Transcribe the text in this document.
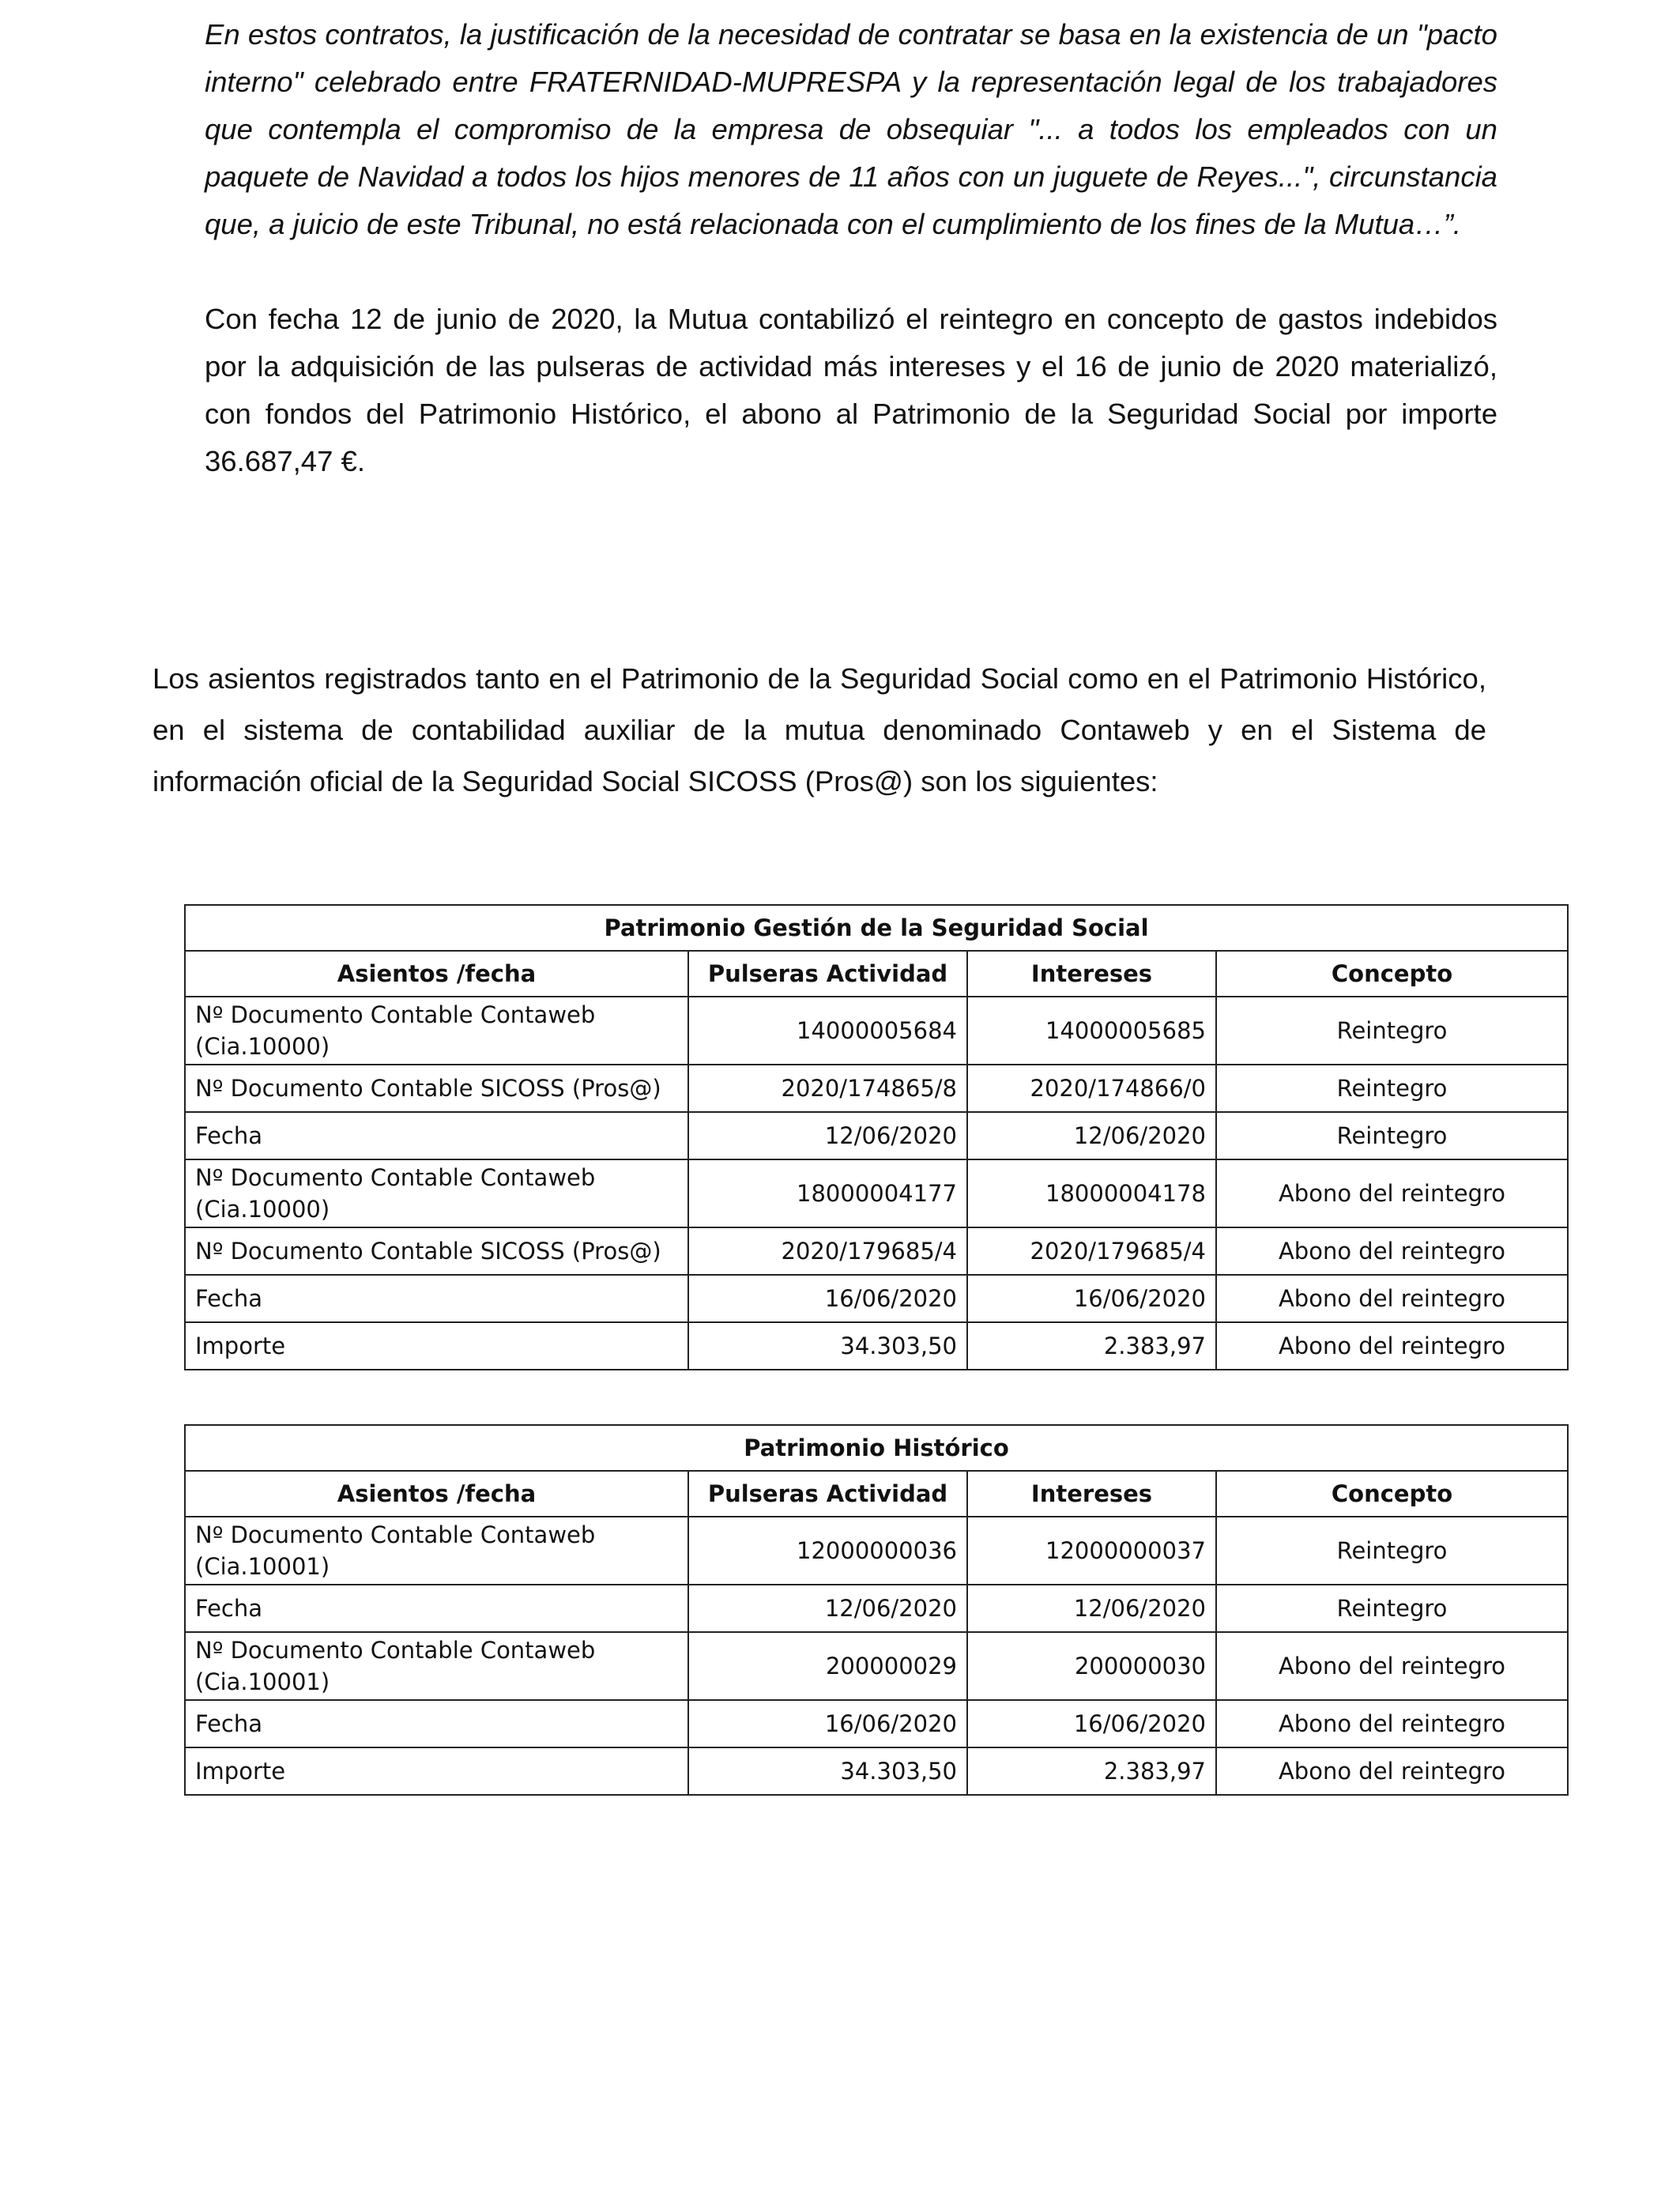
En estos contratos, la justificación de la necesidad de contratar se basa en la existencia de un "pacto interno" celebrado entre FRATERNIDAD-MUPRESPA y la representación legal de los trabajadores que contempla el compromiso de la empresa de obsequiar "... a todos los empleados con un paquete de Navidad a todos los hijos menores de 11 años con un juguete de Reyes...", circunstancia que, a juicio de este Tribunal, no está relacionada con el cumplimiento de los fines de la Mutua…”.

Con fecha 12 de junio de 2020, la Mutua contabilizó el reintegro en concepto de gastos indebidos por la adquisición de las pulseras de actividad más intereses y el 16 de junio de 2020 materializó, con fondos del Patrimonio Histórico, el abono al Patrimonio de la Seguridad Social por importe 36.687,47 €.

Los asientos registrados tanto en el Patrimonio de la Seguridad Social como en el Patrimonio Histórico, en el sistema de contabilidad auxiliar de la mutua denominado Contaweb y en el Sistema de información oficial de la Seguridad Social SICOSS (Pros@) son los siguientes:

Patrimonio Gestión de la Seguridad Social			
Asientos /fecha	Pulseras Actividad	Intereses	Concepto
Nº Documento Contable Contaweb (Cia.10000)	14000005684	14000005685	Reintegro
Nº Documento Contable SICOSS (Pros@)	2020/174865/8	2020/174866/0	Reintegro
Fecha	12/06/2020	12/06/2020	Reintegro
Nº Documento Contable Contaweb (Cia.10000)	18000004177	18000004178	Abono del reintegro
Nº Documento Contable SICOSS (Pros@)	2020/179685/4	2020/179685/4	Abono del reintegro
Fecha	16/06/2020	16/06/2020	Abono del reintegro
Importe	34.303,50	2.383,97	Abono del reintegro
Patrimonio Histórico			
Asientos /fecha	Pulseras Actividad	Intereses	Concepto
Nº Documento Contable Contaweb (Cia.10001)	12000000036	12000000037	Reintegro
Fecha	12/06/2020	12/06/2020	Reintegro
Nº Documento Contable Contaweb (Cia.10001)	200000029	200000030	Abono del reintegro
Fecha	16/06/2020	16/06/2020	Abono del reintegro
Importe	34.303,50	2.383,97	Abono del reintegro
